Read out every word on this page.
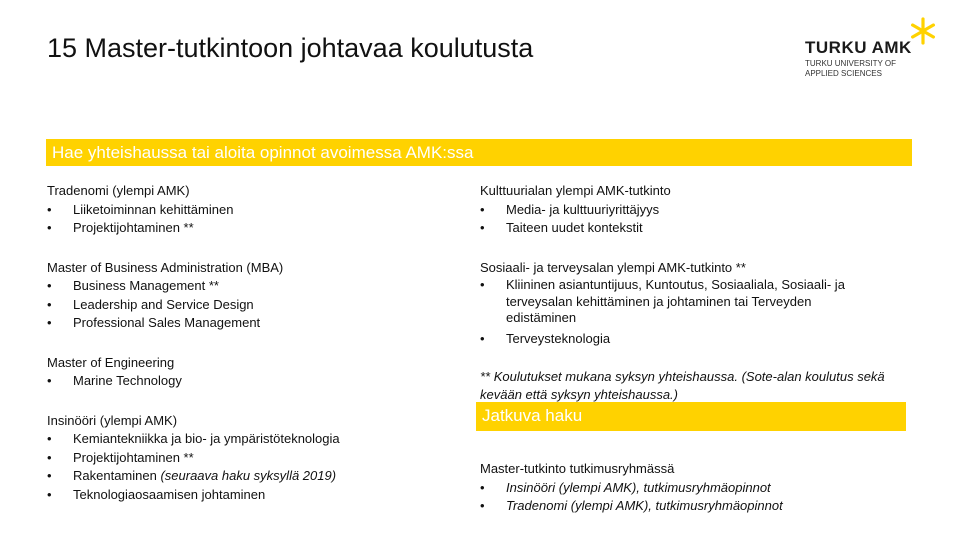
15 Master-tutkintoon johtavaa koulutusta	TURKU AMK
TURKU UNIVERSITY OF
APPLIED SCIENCES
Hae yhteishaussa tai aloita opinnot avoimessa AMK:ssa
Tradenomi (ylempi AMK)
• Liiketoiminnan kehittäminen
• Projektijohtaminen **
Master of Business Administration (MBA)
• Business Management **
• Leadership and Service Design
• Professional Sales Management
Master of Engineering
• Marine Technology
Insinööri (ylempi AMK)
• Kemiantekniikka ja bio- ja ympäristöteknologia
• Projektijohtaminen **
• Rakentaminen (seuraava haku syksyllä 2019)
• Teknologiaosaamisen johtaminen
Kulttuurialan ylempi AMK-tutkinto
• Media- ja kulttuuriyrittäjyys
• Taiteen uudet kontekstit
Sosiaali- ja terveysalan ylempi AMK-tutkinto **
• Kliininen asiantuntijuus, Kuntoutus, Sosiaaliala, Sosiaali- ja terveysalan kehittäminen ja johtaminen tai Terveyden edistäminen
• Terveysteknologia
** Koulutukset mukana syksyn yhteishaussa. (Sote-alan koulutus sekä kevään että syksyn yhteishaussa.)
Jatkuva haku
Master-tutkinto tutkimusryhmässä
• Insinööri (ylempi AMK), tutkimusryhmäopinnot
• Tradenomi (ylempi AMK), tutkimusryhmäopinnot
